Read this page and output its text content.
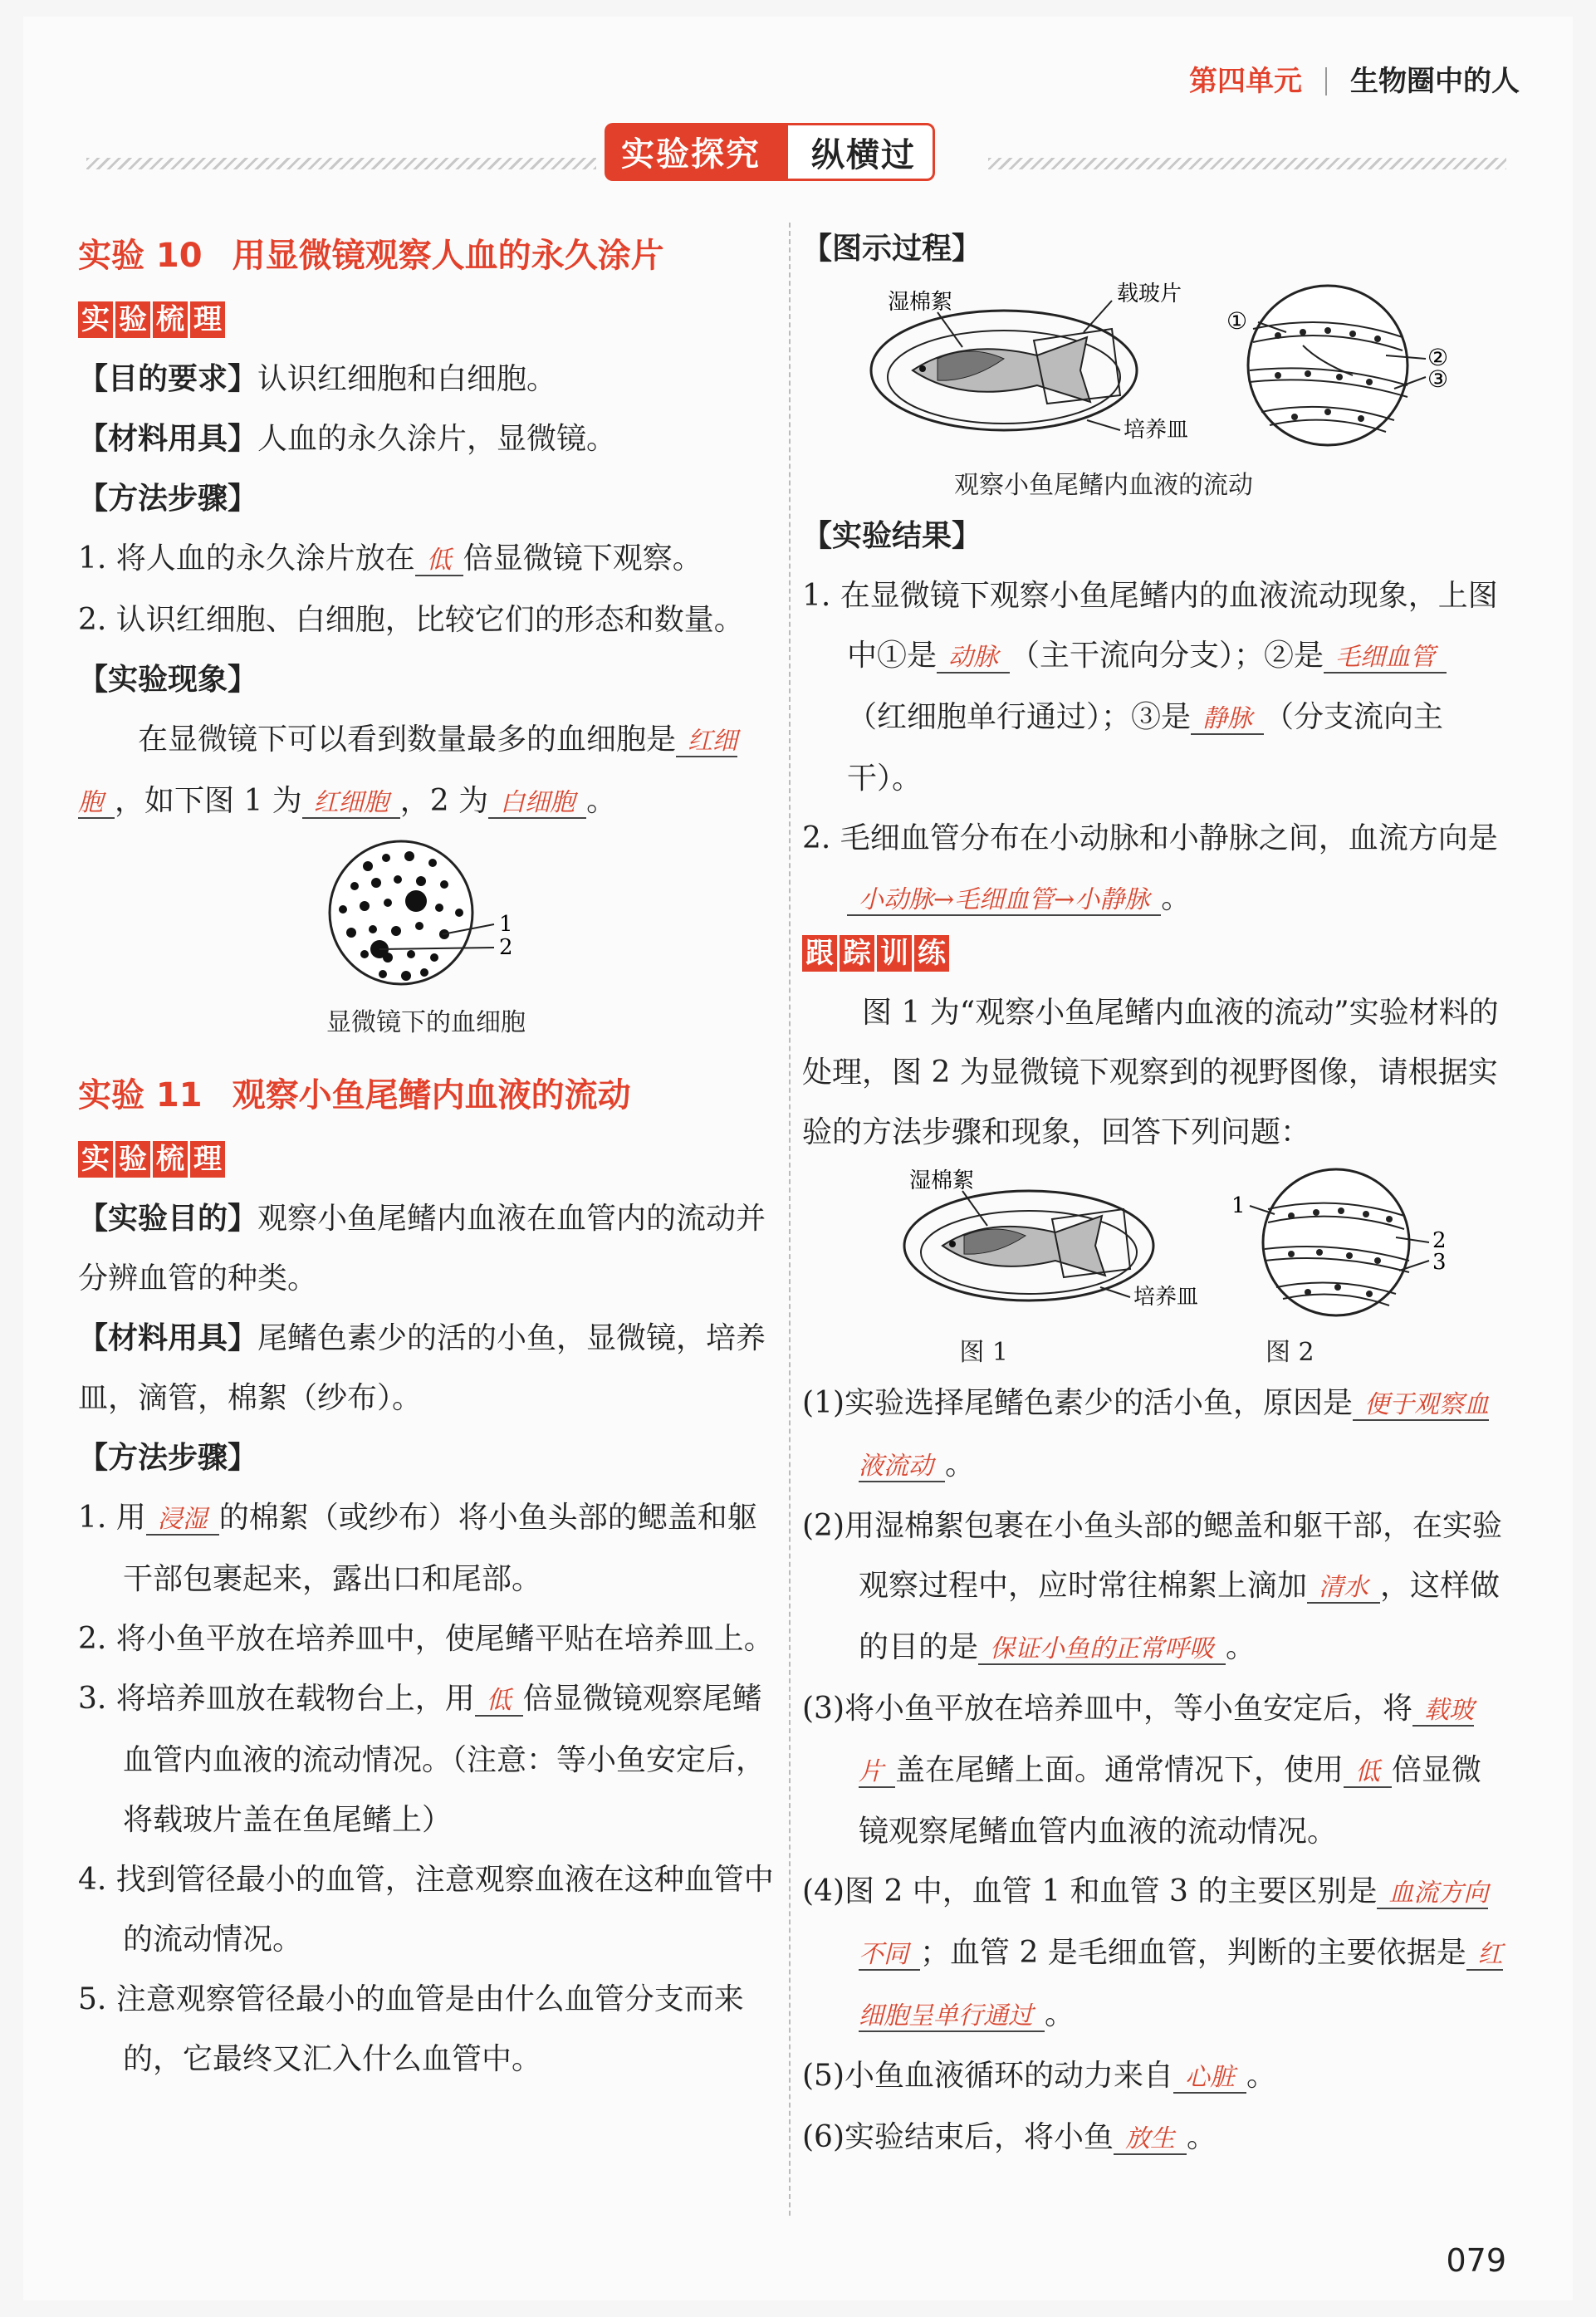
第四单元 生物圈中的人
实验探究	纵横过
实验 10 用显微镜观察人血的永久涂片
实 验 梳 理

【目的要求】认识红细胞和白细胞。

【材料用具】人血的永久涂片，显微镜。

【方法步骤】

1. 将人血的永久涂片放在 低 倍显微镜下观察。

2. 认识红细胞、白细胞，比较它们的形态和数量。

【实验现象】

在显微镜下可以看到数量最多的血细胞是 红细胞 ，如下图 1 为 红细胞 ，2 为 白细胞 。

1
2

显微镜下的血细胞

实验 11 观察小鱼尾鳍内血液的流动
实 验 梳 理

【实验目的】观察小鱼尾鳍内血液在血管内的流动并分辨血管的种类。

【材料用具】尾鳍色素少的活的小鱼，显微镜，培养皿，滴管，棉絮（纱布）。

【方法步骤】

1. 用 浸湿 的棉絮（或纱布）将小鱼头部的鳃盖和躯干部包裹起来，露出口和尾部。

2. 将小鱼平放在培养皿中，使尾鳍平贴在培养皿上。

3. 将培养皿放在载物台上，用 低 倍显微镜观察尾鳍血管内血液的流动情况。（注意：等小鱼安定后，将载玻片盖在鱼尾鳍上）

4. 找到管径最小的血管，注意观察血液在这种血管中的流动情况。

5. 注意观察管径最小的血管是由什么血管分支而来的，它最终又汇入什么血管中。

【图示过程】

湿棉絮	载玻片
培养皿
①
②
③

观察小鱼尾鳍内血液的流动

【实验结果】

1. 在显微镜下观察小鱼尾鳍内的血液流动现象，上图中①是 动脉 （主干流向分支）；②是 毛细血管（红细胞单行通过）；③是 静脉 （分支流向主干）。

2. 毛细血管分布在小动脉和小静脉之间，血流方向是小动脉→毛细血管→小静脉 。

跟 踪 训 练

图 1 为“观察小鱼尾鳍内血液的流动”实验材料的处理，图 2 为显微镜下观察到的视野图像，请根据实验的方法步骤和现象，回答下列问题：

湿棉絮
培养皿
1
2
3
图 1	图 2

(1)实验选择尾鳍色素少的活小鱼，原因是 便于观察血液流动 。

(2)用湿棉絮包裹在小鱼头部的鳃盖和躯干部，在实验观察过程中，应时常往棉絮上滴加 清水 ，这样做的目的是 保证小鱼的正常呼吸 。

(3)将小鱼平放在培养皿中，等小鱼安定后，将 载玻片 盖在尾鳍上面。通常情况下，使用 低 倍显微镜观察尾鳍血管内血液的流动情况。

(4)图 2 中，血管 1 和血管 3 的主要区别是 血流方向不同 ；血管 2 是毛细血管，判断的主要依据是 红细胞呈单行通过 。

(5)小鱼血液循环的动力来自 心脏 。

(6)实验结束后，将小鱼 放生 。

079
